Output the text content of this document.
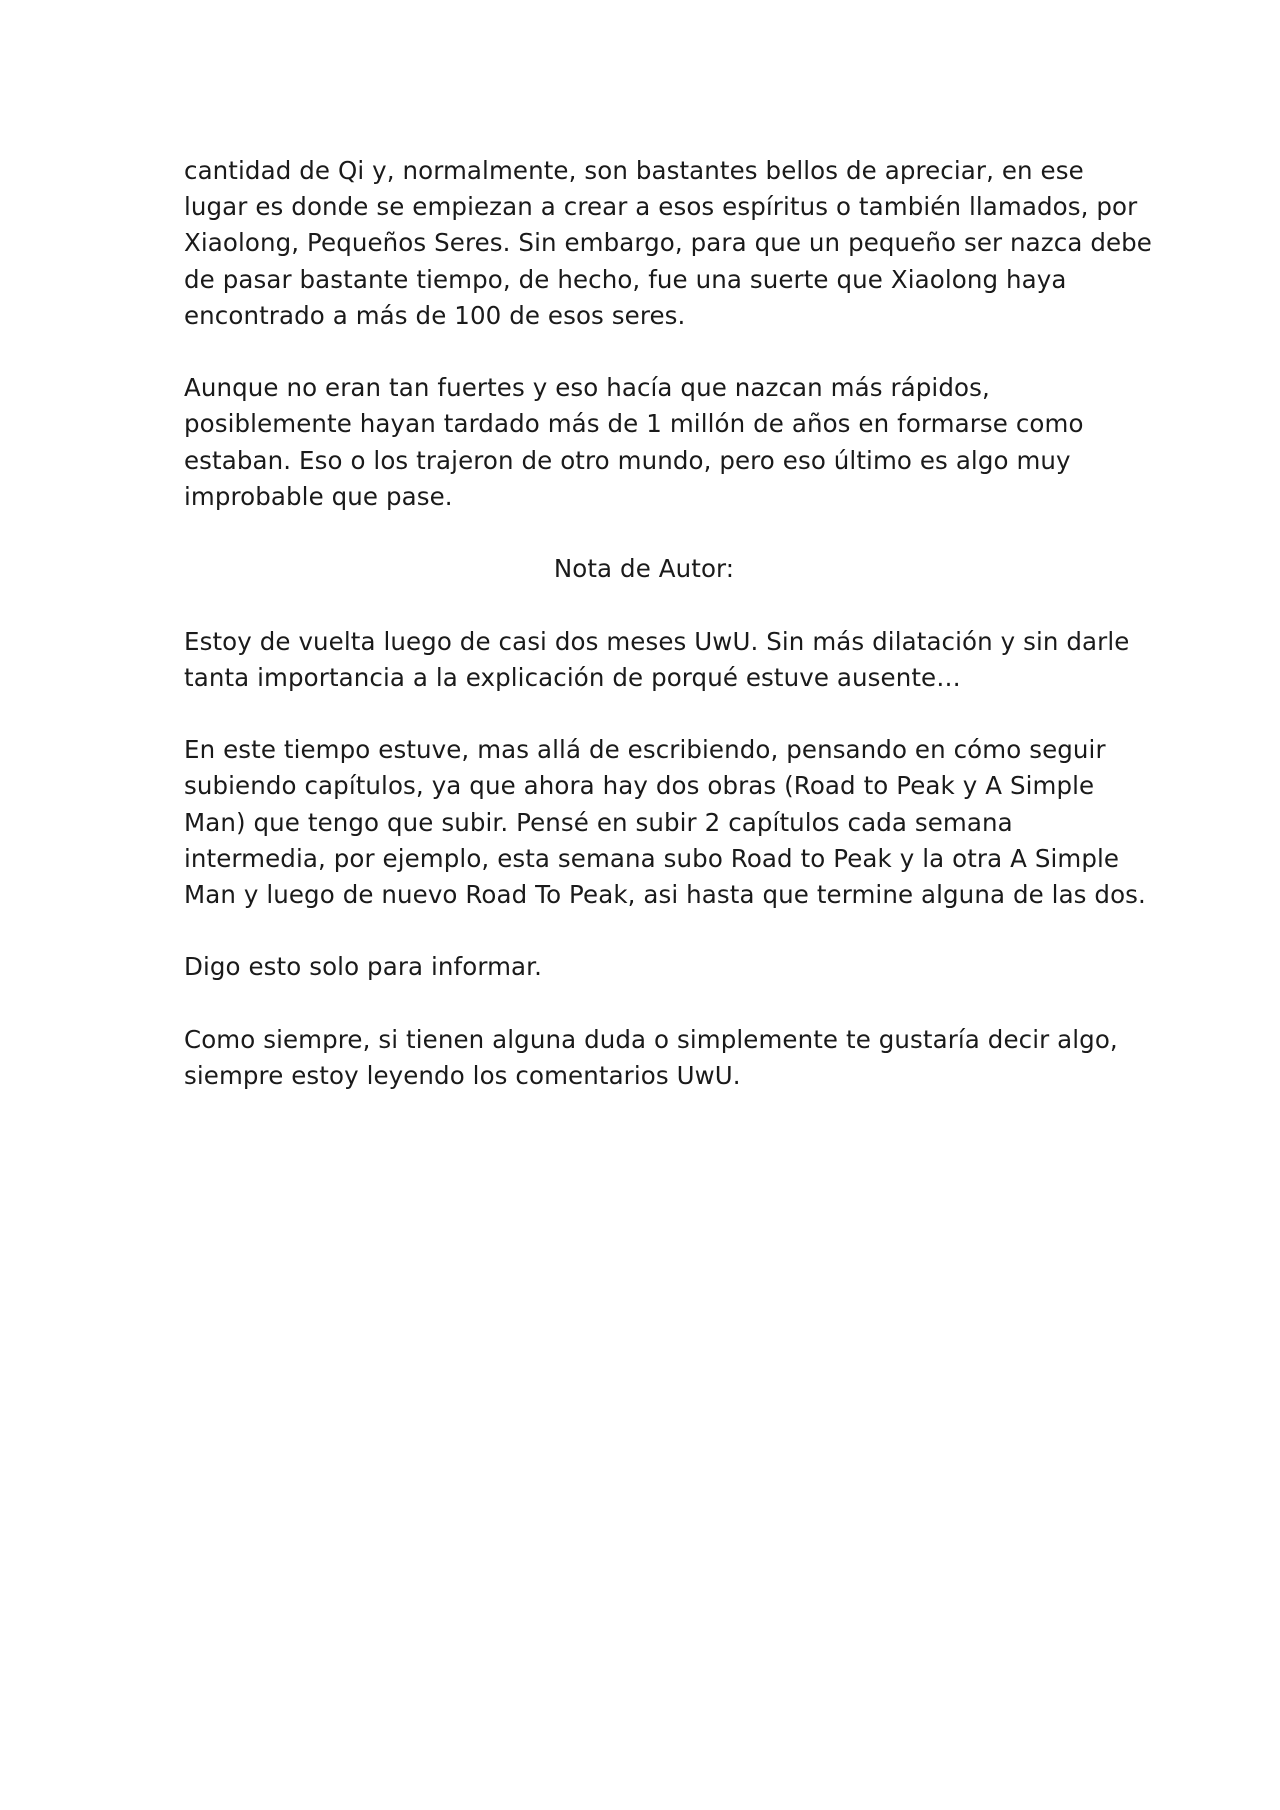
cantidad de Qi y, normalmente, son bastantes bellos de apreciar, en ese
lugar es donde se empiezan a crear a esos espíritus o también llamados, por
Xiaolong, Pequeños Seres. Sin embargo, para que un pequeño ser nazca debe
de pasar bastante tiempo, de hecho, fue una suerte que Xiaolong haya
encontrado a más de 100 de esos seres.

Aunque no eran tan fuertes y eso hacía que nazcan más rápidos,
posiblemente hayan tardado más de 1 millón de años en formarse como
estaban. Eso o los trajeron de otro mundo, pero eso último es algo muy
improbable que pase.

Nota de Autor:

Estoy de vuelta luego de casi dos meses UwU. Sin más dilatación y sin darle
tanta importancia a la explicación de porqué estuve ausente…

En este tiempo estuve, mas allá de escribiendo, pensando en cómo seguir
subiendo capítulos, ya que ahora hay dos obras (Road to Peak y A Simple
Man) que tengo que subir. Pensé en subir 2 capítulos cada semana
intermedia, por ejemplo, esta semana subo Road to Peak y la otra A Simple
Man y luego de nuevo Road To Peak, asi hasta que termine alguna de las dos.

Digo esto solo para informar.

Como siempre, si tienen alguna duda o simplemente te gustaría decir algo,
siempre estoy leyendo los comentarios UwU.
